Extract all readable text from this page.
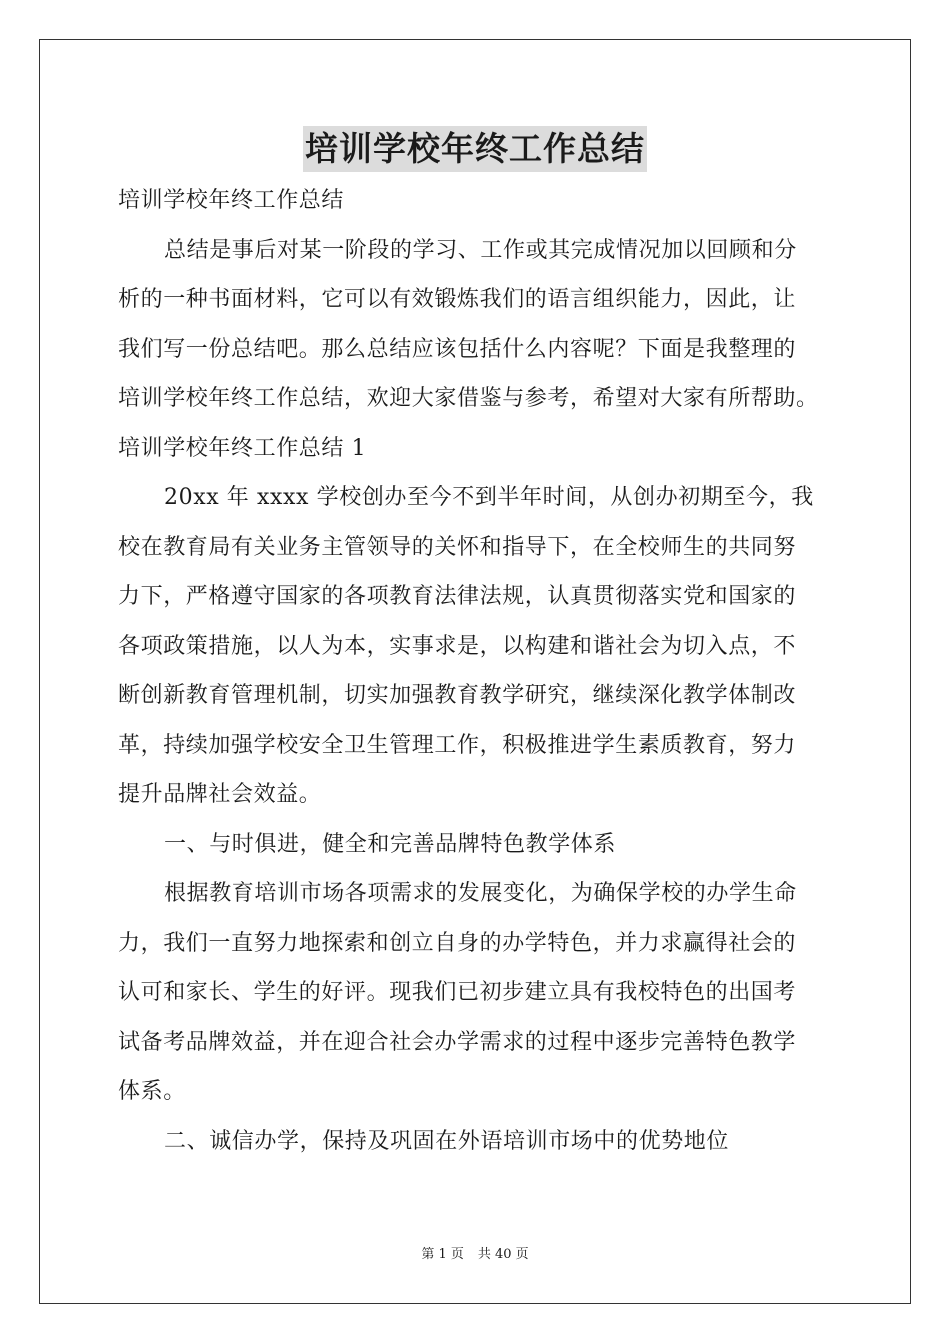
培训学校年终工作总结
培训学校年终工作总结
总结是事后对某一阶段的学习、工作或其完成情况加以回顾和分
析的一种书面材料，它可以有效锻炼我们的语言组织能力，因此，让
我们写一份总结吧。那么总结应该包括什么内容呢？下面是我整理的
培训学校年终工作总结，欢迎大家借鉴与参考，希望对大家有所帮助。
培训学校年终工作总结 1
20xx 年 xxxx 学校创办至今不到半年时间，从创办初期至今，我
校在教育局有关业务主管领导的关怀和指导下，在全校师生的共同努
力下，严格遵守国家的各项教育法律法规，认真贯彻落实党和国家的
各项政策措施，以人为本，实事求是，以构建和谐社会为切入点，不
断创新教育管理机制，切实加强教育教学研究，继续深化教学体制改
革，持续加强学校安全卫生管理工作，积极推进学生素质教育，努力
提升品牌社会效益。
一、与时俱进，健全和完善品牌特色教学体系
根据教育培训市场各项需求的发展变化，为确保学校的办学生命
力，我们一直努力地探索和创立自身的办学特色，并力求赢得社会的
认可和家长、学生的好评。现我们已初步建立具有我校特色的出国考
试备考品牌效益，并在迎合社会办学需求的过程中逐步完善特色教学
体系。
二、诚信办学，保持及巩固在外语培训市场中的优势地位
第 1 页 共 40 页
